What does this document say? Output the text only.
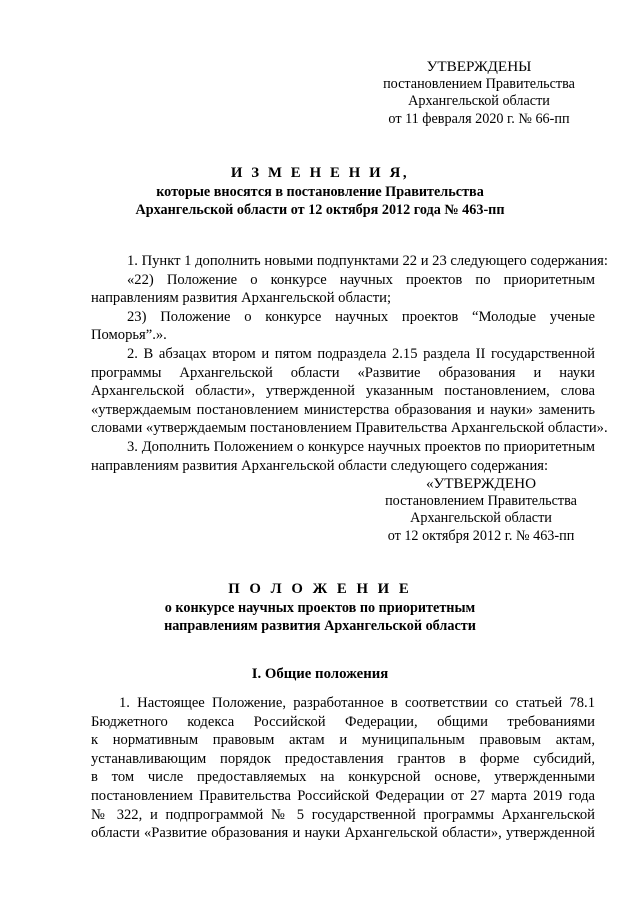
УТВЕРЖДЕНЫ
постановлением Правительства
Архангельской области
от 11 февраля 2020 г. № 66-пп
И З М Е Н Е Н И Я,
которые вносятся в постановление Правительства
Архангельской области от 12 октября 2012 года № 463-пп
1. Пункт 1 дополнить новыми подпунктами 22 и 23 следующего содержания:
«22) Положение о конкурсе научных проектов по приоритетным
направлениям развития Архангельской области;
23) Положение о конкурсе научных проектов “Молодые ученые
Поморья”.».
2. В абзацах втором и пятом подраздела 2.15 раздела II государственной
программы Архангельской области «Развитие образования и науки
Архангельской области», утвержденной указанным постановлением, слова
«утверждаемым постановлением министерства образования и науки» заменить
словами «утверждаемым постановлением Правительства Архангельской области».
3. Дополнить Положением о конкурсе научных проектов по приоритетным
направлениям развития Архангельской области следующего содержания:
«УТВЕРЖДЕНО
постановлением Правительства
Архангельской области
от 12 октября 2012 г. № 463-пп
П О Л О Ж Е Н И Е
о конкурсе научных проектов по приоритетным
направлениям развития Архангельской области
I. Общие положения
1. Настоящее Положение, разработанное в соответствии со статьей 78.1
Бюджетного кодекса Российской Федерации, общими требованиями
к нормативным правовым актам и муниципальным правовым актам,
устанавливающим порядок предоставления грантов в форме субсидий,
в том числе предоставляемых на конкурсной основе, утвержденными
постановлением Правительства Российской Федерации от 27 марта 2019 года
№ 322, и подпрограммой № 5 государственной программы Архангельской
области «Развитие образования и науки Архангельской области», утвержденной
